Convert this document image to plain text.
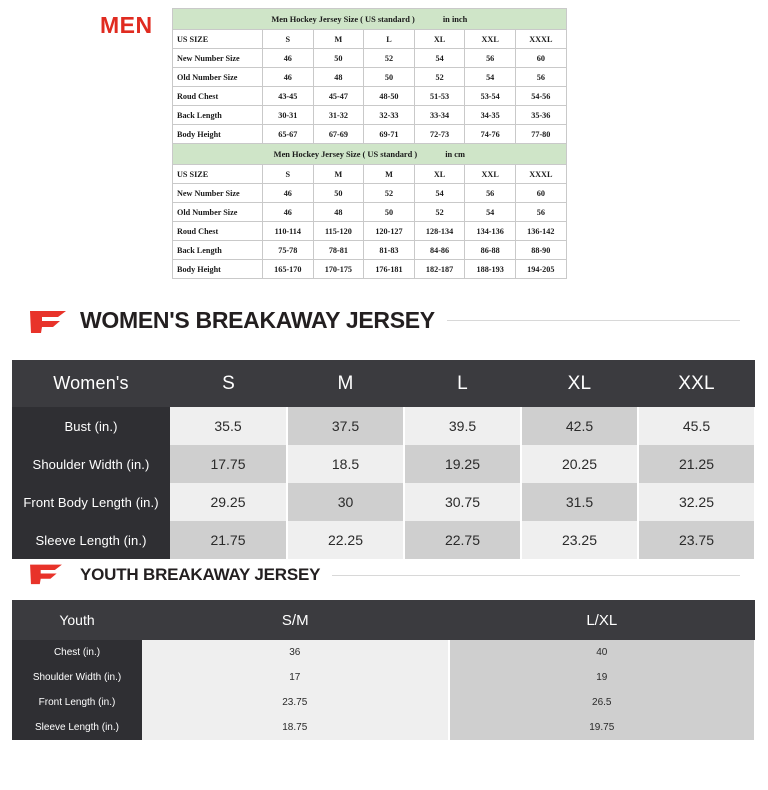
MEN	Men Hockey Jersey Size ( US standard ) in inch						
US SIZE	S	M	L	XL	XXL	XXXL
New Number Size	46	50	52	54	56	60
Old Number Size	46	48	50	52	54	56
Roud Chest	43-45	45-47	48-50	51-53	53-54	54-56
Back Length	30-31	31-32	32-33	33-34	34-35	35-36
Body Height	65-67	67-69	69-71	72-73	74-76	77-80
Men Hockey Jersey Size ( US standard ) in cm						
US SIZE	S	M	M	XL	XXL	XXXL
New Number Size	46	50	52	54	56	60
Old Number Size	46	48	50	52	54	56
Roud Chest	110-114	115-120	120-127	128-134	134-136	136-142
Back Length	75-78	78-81	81-83	84-86	86-88	88-90
Body Height	165-170	170-175	176-181	182-187	188-193	194-205
WOMEN'S BREAKAWAY JERSEY
Women's	S	M	L	XL	XXL
Bust (in.)	35.5	37.5	39.5	42.5	45.5
Shoulder Width (in.)	17.75	18.5	19.25	20.25	21.25
Front Body Length (in.)	29.25	30	30.75	31.5	32.25
Sleeve Length (in.)	21.75	22.25	22.75	23.25	23.75
YOUTH BREAKAWAY JERSEY
Youth	S/M	L/XL
Chest (in.)	36	40
Shoulder Width (in.)	17	19
Front Length (in.)	23.75	26.5
Sleeve Length (in.)	18.75	19.75
